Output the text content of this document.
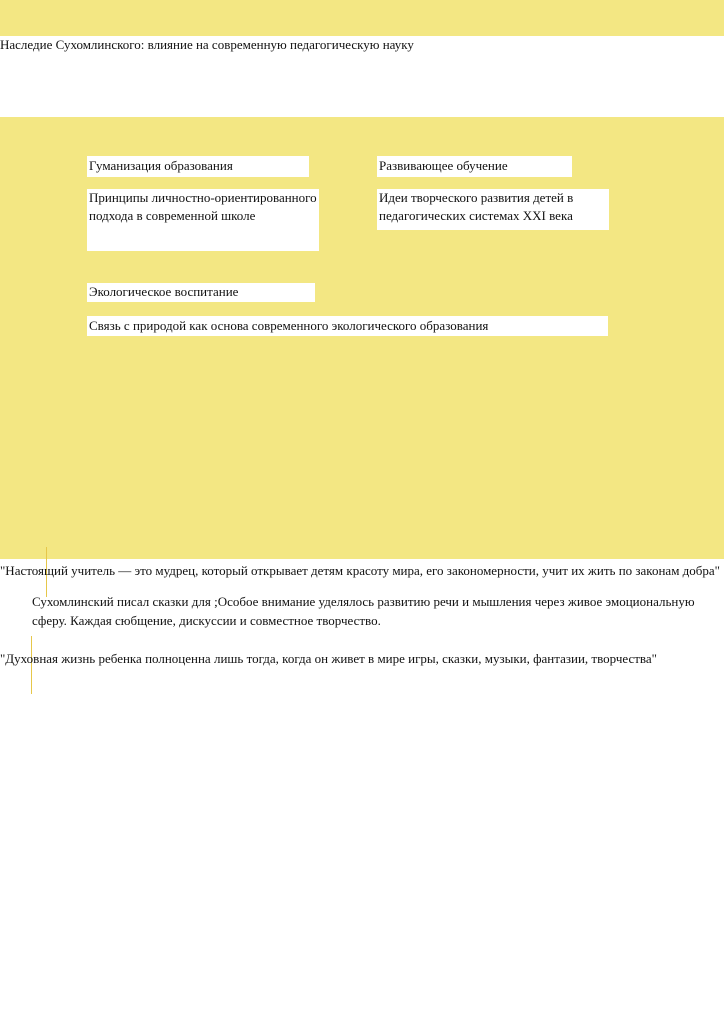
Наследие Сухомлинского: влияние на современную педагогическую науку
Гуманизация образования
Принципы личностно-ориентированного подхода в современной школе
Развивающее обучение
Идеи творческого развития детей в педагогических системах XXI века
Экологическое воспитание
Связь с природой как основа современного экологического образования
"Настоящий учитель — это мудрец, который открывает детям красоту мира, его закономерности, учит их жить по законам добра"
Сухомлинский писал сказки для ;Особое внимание уделялось развитию речи и мышления через живое эмоциональную сферу. Каждая сюбщение, дискуссии и совместное творчество.
"Духовная жизнь ребенка полноценна лишь тогда, когда он живет в мире игры, сказки, музыки, фантазии, творчества"
